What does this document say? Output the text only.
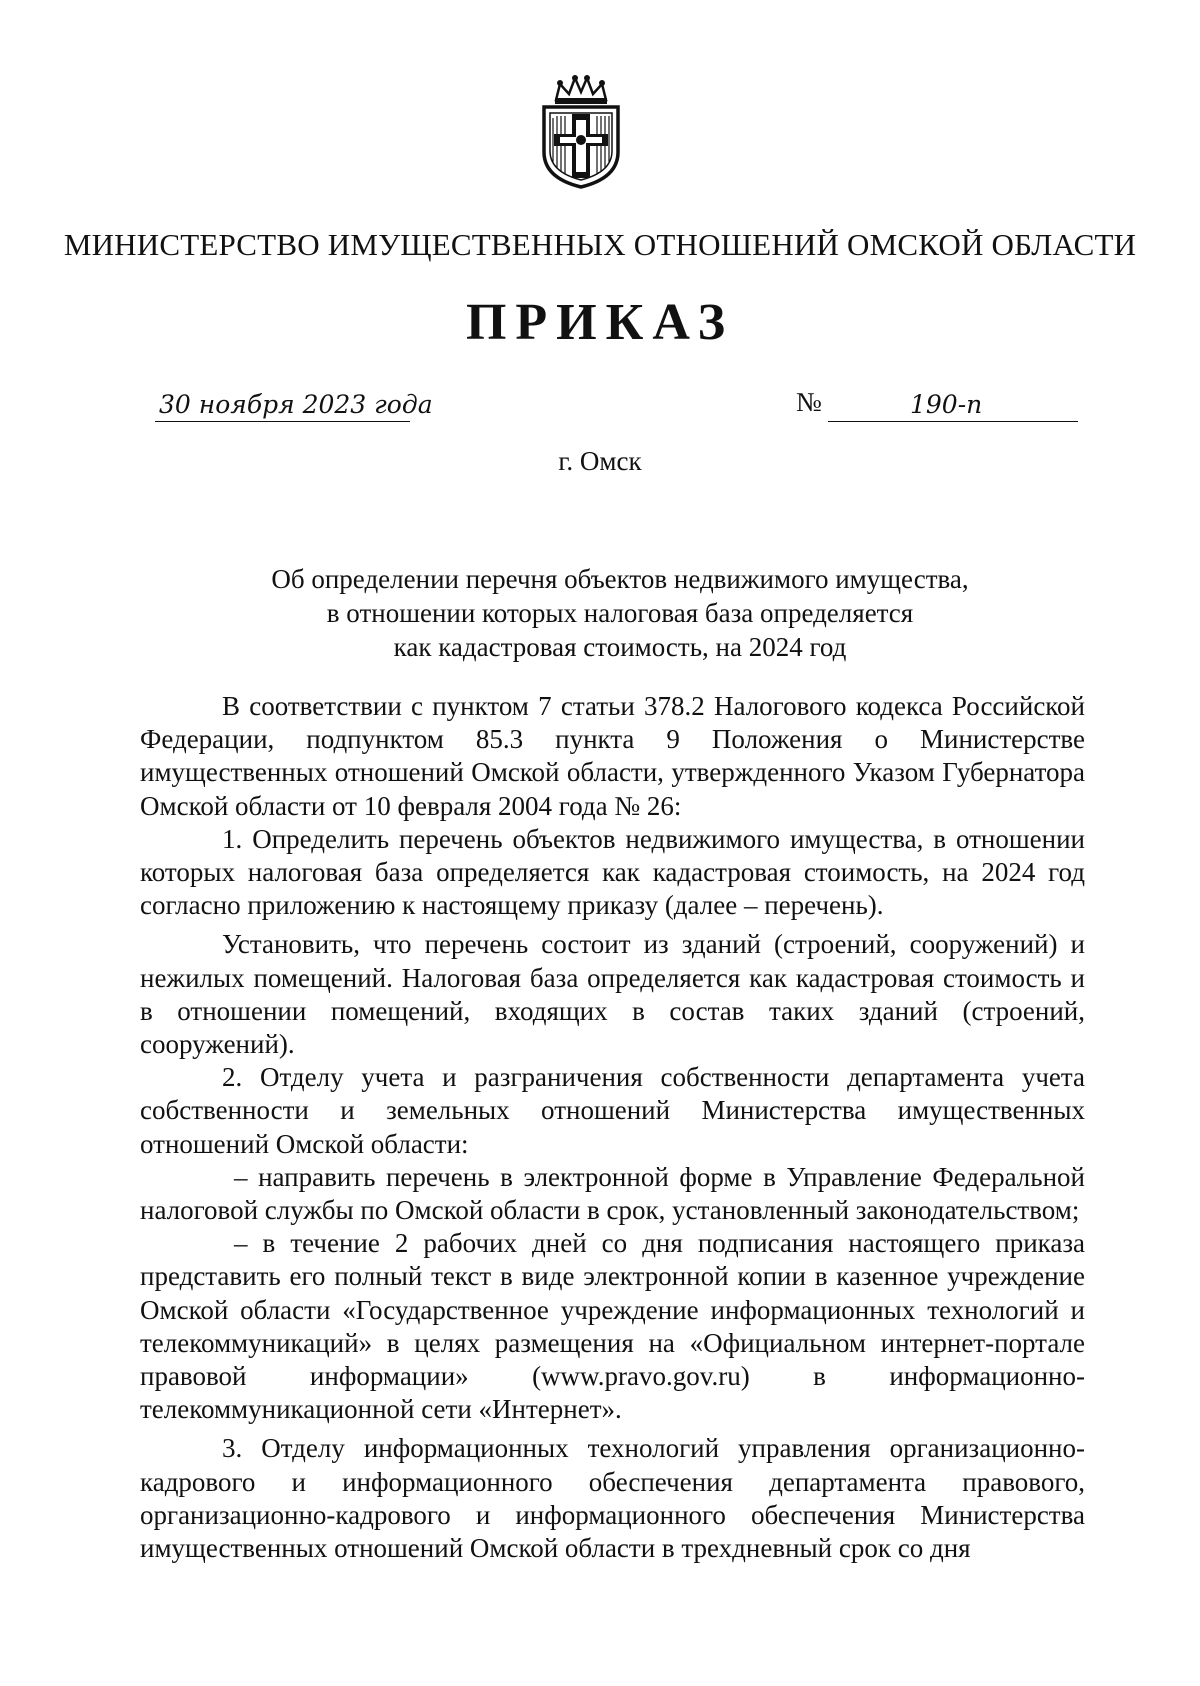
МИНИСТЕРСТВО ИМУЩЕСТВЕННЫХ ОТНОШЕНИЙ ОМСКОЙ ОБЛАСТИ
ПРИКАЗ
30 ноября 2023 года	№	190-п
г. Омск
Об определении перечня объектов недвижимого имущества,
в отношении которых налоговая база определяется
как кадастровая стоимость, на 2024 год

В соответствии с пунктом 7 статьи 378.2 Налогового кодекса Российской Федерации, подпунктом 85.3 пункта 9 Положения о Министерстве имущественных отношений Омской области, утвержденного Указом Губернатора Омской области от 10 февраля 2004 года № 26:

1. Определить перечень объектов недвижимого имущества, в отношении которых налоговая база определяется как кадастровая стоимость, на 2024 год согласно приложению к настоящему приказу (далее – перечень).

Установить, что перечень состоит из зданий (строений, сооружений) и нежилых помещений. Налоговая база определяется как кадастровая стоимость и в отношении помещений, входящих в состав таких зданий (строений, сооружений).

2. Отделу учета и разграничения собственности департамента учета собственности и земельных отношений Министерства имущественных отношений Омской области:

– направить перечень в электронной форме в Управление Федеральной налоговой службы по Омской области в срок, установленный законодательством;

– в течение 2 рабочих дней со дня подписания настоящего приказа представить его полный текст в виде электронной копии в казенное учреждение Омской области «Государственное учреждение информационных технологий и телекоммуникаций» в целях размещения на «Официальном интернет-портале правовой информации» (www.pravo.gov.ru) в информационно-телекоммуникационной сети «Интернет».

3. Отделу информационных технологий управления организационно-кадрового и информационного обеспечения департамента правового, организационно-кадрового и информационного обеспечения Министерства имущественных отношений Омской области в трехдневный срок со дня
